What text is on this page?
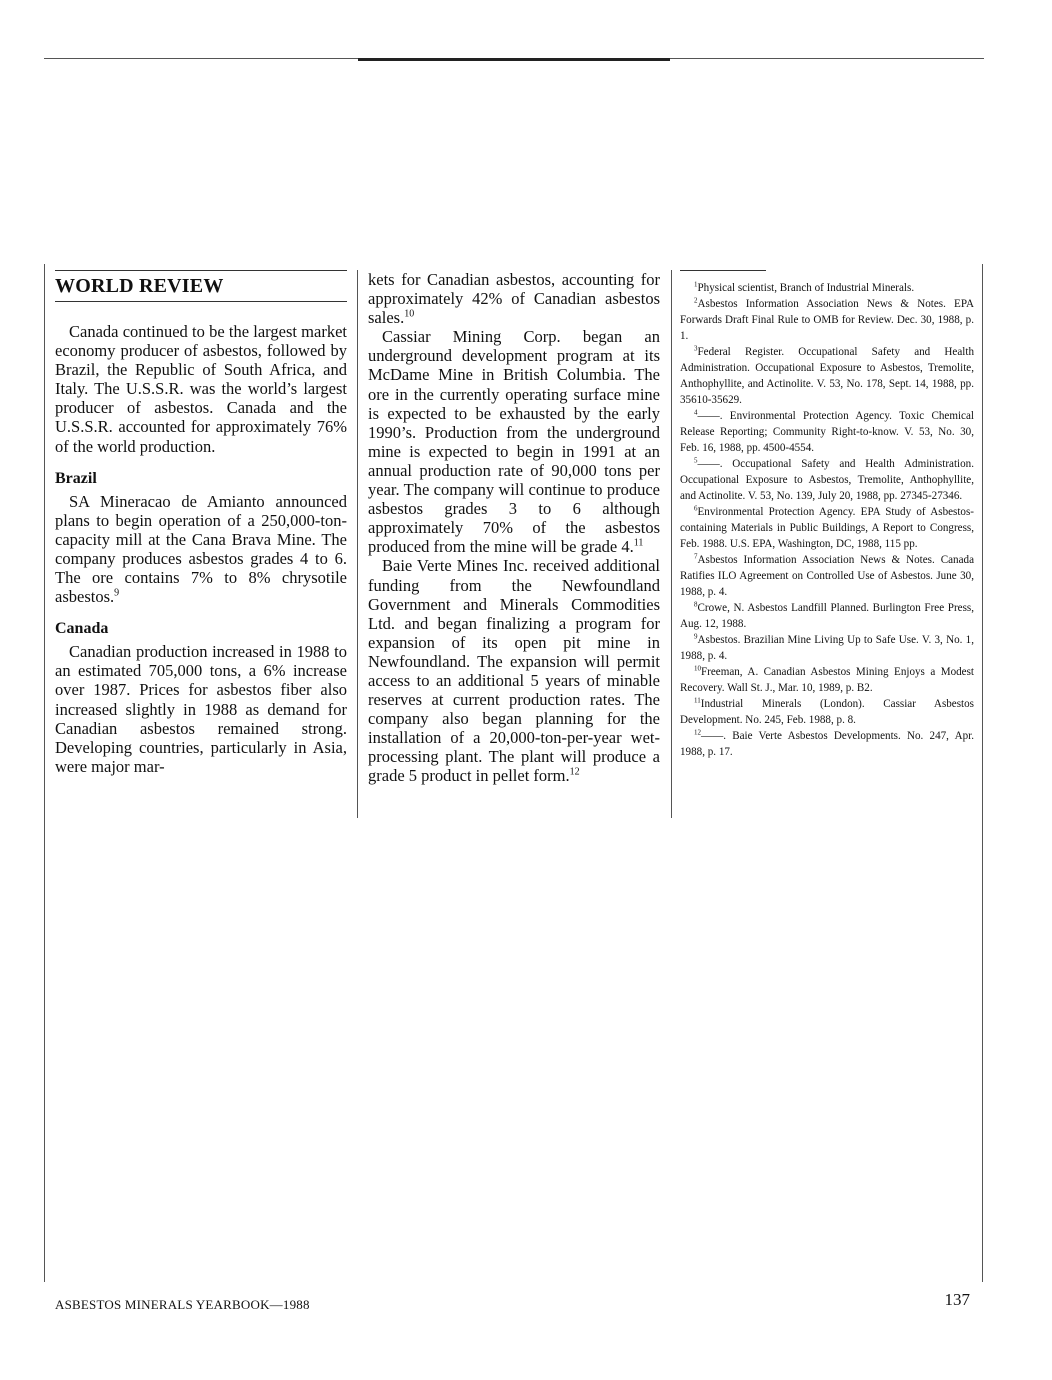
WORLD REVIEW

Canada continued to be the largest market economy producer of asbestos, followed by Brazil, the Republic of South Africa, and Italy. The U.S.S.R. was the world’s largest producer of asbestos. Canada and the U.S.S.R. accounted for approximately 76% of the world production.

Brazil

SA Mineracao de Amianto announced plans to begin operation of a 250,000-ton-capacity mill at the Cana Brava Mine. The company produces asbestos grades 4 to 6. The ore contains 7% to 8% chrysotile asbestos.$^9$

Canada

Canadian production increased in 1988 to an estimated 705,000 tons, a 6% increase over 1987. Prices for asbestos fiber also increased slightly in 1988 as demand for Canadian asbestos remained strong. Developing countries, particularly in Asia, were major mar-

kets for Canadian asbestos, accounting for approximately 42% of Canadian asbestos sales.$^{10}$

Cassiar Mining Corp. began an underground development program at its McDame Mine in British Columbia. The ore in the currently operating surface mine is expected to be exhausted by the early 1990’s. Production from the underground mine is expected to begin in 1991 at an annual production rate of 90,000 tons per year. The company will continue to produce asbestos grades 3 to 6 although approximately 70% of the asbestos produced from the mine will be grade 4.11

Baie Verte Mines Inc. received additional funding from the Newfoundland Government and Minerals Commodities Ltd. and began finalizing a program for expansion of its open pit mine in Newfoundland. The expansion will permit access to an additional 5 years of minable reserves at current production rates. The company also began planning for the installation of a 20,000-ton-per-year wet-processing plant. The plant will produce a grade 5 product in pellet form.$^{12}$

$^1$Physical scientist, Branch of Industrial Minerals.

$^2$Asbestos Information Association News & Notes. EPA Forwards Draft Final Rule to OMB for Review. Dec. 30, 1988, p. 1.

$^3$Federal Register. Occupational Safety and Health Administration. Occupational Exposure to Asbestos, Tremolite, Anthophyllite, and Actinolite. V. 53, No. 178, Sept. 14, 1988, pp. 35610-35629.

$^4$——. Environmental Protection Agency. Toxic Chemical Release Reporting; Community Right-to-know. V. 53, No. 30, Feb. 16, 1988, pp. 4500-4554.

$^5$——. Occupational Safety and Health Administration. Occupational Exposure to Asbestos, Tremolite, Anthophyllite, and Actinolite. V. 53, No. 139, July 20, 1988, pp. 27345-27346.

$^6$Environmental Protection Agency. EPA Study of Asbestos-containing Materials in Public Buildings, A Report to Congress, Feb. 1988. U.S. EPA, Washington, DC, 1988, 115 pp.

$^7$Asbestos Information Association News & Notes. Canada Ratifies ILO Agreement on Controlled Use of Asbestos. June 30, 1988, p. 4.

$^8$Crowe, N. Asbestos Landfill Planned. Burlington Free Press, Aug. 12, 1988.

$^9$Asbestos. Brazilian Mine Living Up to Safe Use. V. 3, No. 1, 1988, p. 4.

$^{10}$Freeman, A. Canadian Asbestos Mining Enjoys a Modest Recovery. Wall St. J., Mar. 10, 1989, p. B2.

$^{11}$Industrial Minerals (London). Cassiar Asbestos Development. No. 245, Feb. 1988, p. 8.

$^{12}$——. Baie Verte Asbestos Developments. No. 247, Apr. 1988, p. 17.

ASBESTOS MINERALS YEARBOOK—1988	137
